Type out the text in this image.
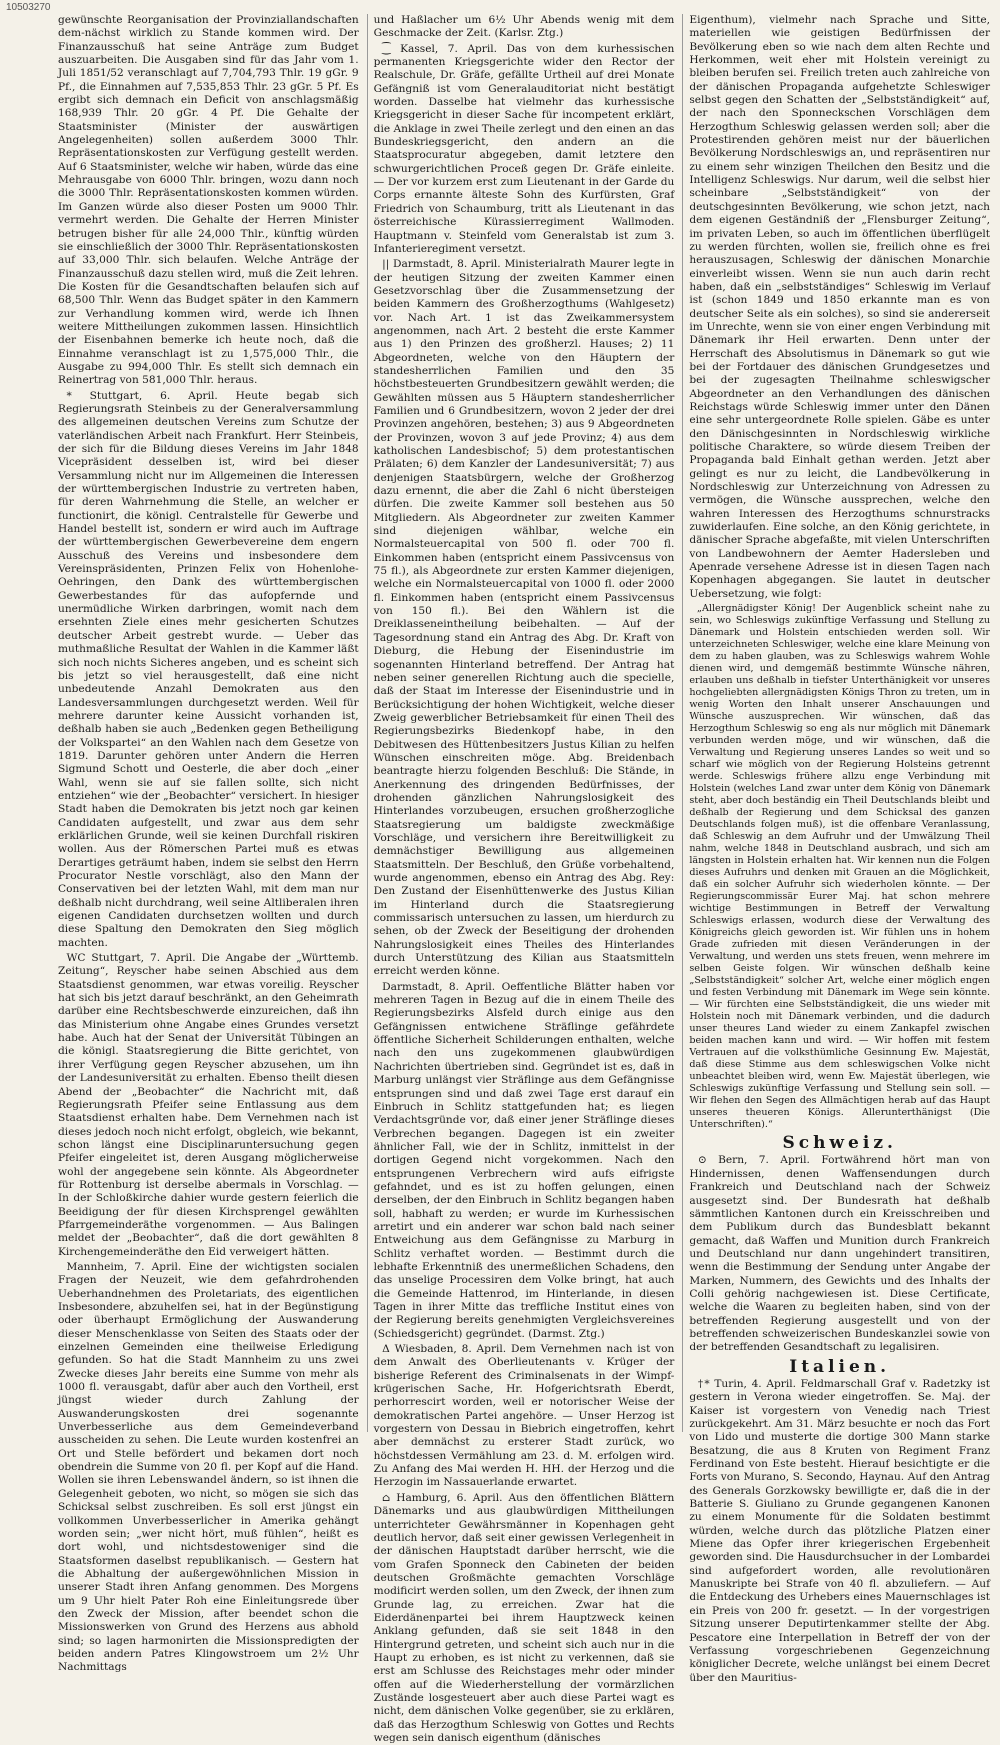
10503270

gewünschte Reorganisation der Provinziallandschaften dem-nächst wirklich zu Stande kommen wird. Der Finanzausschuß hat seine Anträge zum Budget auszuarbeiten. Die Ausgaben sind für das Jahr vom 1. Juli 1851/52 veranschlagt auf 7,704,793 Thlr. 19 gGr. 9 Pf., die Einnahmen auf 7,535,853 Thlr. 23 gGr. 5 Pf. Es ergibt sich demnach ein Deficit von anschlagsmäßig 168,939 Thlr. 20 gGr. 4 Pf. Die Gehalte der Staatsminister (Minister der auswärtigen Angelegenheiten) sollen außerdem 3000 Thlr. Repräsentationskosten zur Verfügung gestellt werden. Auf 6 Staatsminister, welche wir haben, würde das eine Mehrausgabe von 6000 Thlr. bringen, wozu dann noch die 3000 Thlr. Repräsentationskosten kommen würden. Im Ganzen würde also dieser Posten um 9000 Thlr. vermehrt werden. Die Gehalte der Herren Minister betrugen bisher für alle 24,000 Thlr., künftig würden sie einschließlich der 3000 Thlr. Repräsentationskosten auf 33,000 Thlr. sich belaufen. Welche Anträge der Finanzausschuß dazu stellen wird, muß die Zeit lehren. Die Kosten für die Gesandtschaften belaufen sich auf 68,500 Thlr. Wenn das Budget später in den Kammern zur Verhandlung kommen wird, werde ich Ihnen weitere Mittheilungen zukommen lassen. Hinsichtlich der Eisenbahnen bemerke ich heute noch, daß die Einnahme veranschlagt ist zu 1,575,000 Thlr., die Ausgabe zu 994,000 Thlr. Es stellt sich demnach ein Reinertrag von 581,000 Thlr. heraus.

* Stuttgart, 6. April. Heute begab sich Regierungsrath Steinbeis zu der Generalversammlung des allgemeinen deutschen Vereins zum Schutze der vaterländischen Arbeit nach Frankfurt. Herr Steinbeis, der sich für die Bildung dieses Vereins im Jahr 1848 Vicepräsident desselben ist, wird bei dieser Versammlung nicht nur im Allgemeinen die Interessen der württembergischen Industrie zu vertreten haben, für deren Wahrnehmung die Stelle, an welcher er functionirt, die königl. Centralstelle für Gewerbe und Handel bestellt ist, sondern er wird auch im Auftrage der württembergischen Gewerbevereine dem engern Ausschuß des Vereins und insbesondere dem Vereinspräsidenten, Prinzen Felix von Hohenlohe-Oehringen, den Dank des württembergischen Gewerbestandes für das aufopfernde und unermüdliche Wirken darbringen, womit nach dem ersehnten Ziele eines mehr gesicherten Schutzes deutscher Arbeit gestrebt wurde. — Ueber das muthmaßliche Resultat der Wahlen in die Kammer läßt sich noch nichts Sicheres angeben, und es scheint sich bis jetzt so viel herausgestellt, daß eine nicht unbedeutende Anzahl Demokraten aus den Landesversammlungen durchgesetzt werden. Weil für mehrere darunter keine Aussicht vorhanden ist, deßhalb haben sie auch „Bedenken gegen Betheiligung der Volkspartei“ an den Wahlen nach dem Gesetze von 1819. Darunter gehören unter Andern die Herren Sigmund Schott und Oesterle, die aber doch „einer Wahl, wenn sie auf sie fallen sollte, sich nicht entziehen“ wie der „Beobachter“ versichert. In hiesiger Stadt haben die Demokraten bis jetzt noch gar keinen Candidaten aufgestellt, und zwar aus dem sehr erklärlichen Grunde, weil sie keinen Durchfall riskiren wollen. Aus der Römerschen Partei muß es etwas Derartiges geträumt haben, indem sie selbst den Herrn Procurator Nestle vorschlägt, also den Mann der Conservativen bei der letzten Wahl, mit dem man nur deßhalb nicht durchdrang, weil seine Altliberalen ihren eigenen Candidaten durchsetzen wollten und durch diese Spaltung den Demokraten den Sieg möglich machten.

WC Stuttgart, 7. April. Die Angabe der „Württemb. Zeitung“, Reyscher habe seinen Abschied aus dem Staatsdienst genommen, war etwas voreilig. Reyscher hat sich bis jetzt darauf beschränkt, an den Geheimrath darüber eine Rechtsbeschwerde einzureichen, daß ihn das Ministerium ohne Angabe eines Grundes versetzt habe. Auch hat der Senat der Universität Tübingen an die königl. Staatsregierung die Bitte gerichtet, von ihrer Verfügung gegen Reyscher abzusehen, um ihn der Landesuniversität zu erhalten. Ebenso theilt diesen Abend der „Beobachter“ die Nachricht mit, daß Regierungsrath Pfeifer seine Entlassung aus dem Staatsdienst erhalten habe. Dem Vernehmen nach ist dieses jedoch noch nicht erfolgt, obgleich, wie bekannt, schon längst eine Disciplinaruntersuchung gegen Pfeifer eingeleitet ist, deren Ausgang möglicherweise wohl der angegebene sein könnte. Als Abgeordneter für Rottenburg ist derselbe abermals in Vorschlag. — In der Schloßkirche dahier wurde gestern feierlich die Beeidigung der für diesen Kirchsprengel gewählten Pfarrgemeinderäthe vorgenommen. — Aus Balingen meldet der „Beobachter“, daß die dort gewählten 8 Kirchengemeinderäthe den Eid verweigert hätten.

Mannheim, 7. April. Eine der wichtigsten socialen Fragen der Neuzeit, wie dem gefahrdrohenden Ueberhandnehmen des Proletariats, des eigentlichen Insbesondere, abzuhelfen sei, hat in der Begünstigung oder überhaupt Ermöglichung der Auswanderung dieser Menschenklasse von Seiten des Staats oder der einzelnen Gemeinden eine theilweise Erledigung gefunden. So hat die Stadt Mannheim zu uns zwei Zwecke dieses Jahr bereits eine Summe von mehr als 1000 fl. verausgabt, dafür aber auch den Vortheil, erst jüngst wieder durch Zahlung der Auswanderungskosten drei sogenannte Unverbesserliche aus dem Gemeindeverband ausscheiden zu sehen. Die Leute wurden kostenfrei an Ort und Stelle befördert und bekamen dort noch obendrein die Summe von 20 fl. per Kopf auf die Hand. Wollen sie ihren Lebenswandel ändern, so ist ihnen die Gelegenheit geboten, wo nicht, so mögen sie sich das Schicksal selbst zuschreiben. Es soll erst jüngst ein vollkommen Unverbesserlicher in Amerika gehängt worden sein; „wer nicht hört, muß fühlen“, heißt es dort wohl, und nichtsdestoweniger sind die Staatsformen daselbst republikanisch. — Gestern hat die Abhaltung der außergewöhnlichen Mission in unserer Stadt ihren Anfang genommen. Des Morgens um 9 Uhr hielt Pater Roh eine Einleitungsrede über den Zweck der Mission, after beendet schon die Missionswerken von Grund des Herzens aus abhold sind; so lagen harmonirten die Missionspredigten der beiden andern Patres Klingowstroem um 2½ Uhr Nachmittags

und Haßlacher um 6½ Uhr Abends wenig mit dem Geschmacke der Zeit. (Karlsr. Ztg.)

⁐ Kassel, 7. April. Das von dem kurhessischen permanenten Kriegsgerichte wider den Rector der Realschule, Dr. Gräfe, gefällte Urtheil auf drei Monate Gefängniß ist vom Generalauditoriat nicht bestätigt worden. Dasselbe hat vielmehr das kurhessische Kriegsgericht in dieser Sache für incompetent erklärt, die Anklage in zwei Theile zerlegt und den einen an das Bundeskriegsgericht, den andern an die Staatsprocuratur abgegeben, damit letztere den schwurgerichtlichen Proceß gegen Dr. Gräfe einleite. — Der vor kurzem erst zum Lieutenant in der Garde du Corps ernannte älteste Sohn des Kurfürsten, Graf Friedrich von Schaumburg, tritt als Lieutenant in das österreichische Kürassierregiment Wallmoden. Hauptmann v. Steinfeld vom Generalstab ist zum 3. Infanterieregiment versetzt.

|| Darmstadt, 8. April. Ministerialrath Maurer legte in der heutigen Sitzung der zweiten Kammer einen Gesetzvorschlag über die Zusammensetzung der beiden Kammern des Großherzogthums (Wahlgesetz) vor. Nach Art. 1 ist das Zweikammersystem angenommen, nach Art. 2 besteht die erste Kammer aus 1) den Prinzen des großherzl. Hauses; 2) 11 Abgeordneten, welche von den Häuptern der standesherrlichen Familien und den 35 höchstbesteuerten Grundbesitzern gewählt werden; die Gewählten müssen aus 5 Häuptern standesherrlicher Familien und 6 Grundbesitzern, wovon 2 jeder der drei Provinzen angehören, bestehen; 3) aus 9 Abgeordneten der Provinzen, wovon 3 auf jede Provinz; 4) aus dem katholischen Landesbischof; 5) dem protestantischen Prälaten; 6) dem Kanzler der Landesuniversität; 7) aus denjenigen Staatsbürgern, welche der Großherzog dazu ernennt, die aber die Zahl 6 nicht übersteigen dürfen. Die zweite Kammer soll bestehen aus 50 Mitgliedern. Als Abgeordneter zur zweiten Kammer sind diejenigen wählbar, welche ein Normalsteuercapital von 500 fl. oder 700 fl. Einkommen haben (entspricht einem Passivcensus von 75 fl.), als Abgeordnete zur ersten Kammer diejenigen, welche ein Normalsteuercapital von 1000 fl. oder 2000 fl. Einkommen haben (entspricht einem Passivcensus von 150 fl.). Bei den Wählern ist die Dreiklasseneintheilung beibehalten. — Auf der Tagesordnung stand ein Antrag des Abg. Dr. Kraft von Dieburg, die Hebung der Eisenindustrie im sogenannten Hinterland betreffend. Der Antrag hat neben seiner generellen Richtung auch die specielle, daß der Staat im Interesse der Eisenindustrie und in Berücksichtigung der hohen Wichtigkeit, welche dieser Zweig gewerblicher Betriebsamkeit für einen Theil des Regierungsbezirks Biedenkopf habe, in den Debitwesen des Hüttenbesitzers Justus Kilian zu helfen Wünschen einschreiten möge. Abg. Breidenbach beantragte hierzu folgenden Beschluß: Die Stände, in Anerkennung des dringenden Bedürfnisses, der drohenden gänzlichen Nahrungslosigkeit des Hinterlandes vorzubeugen, ersuchen großherzogliche Staatsregierung um baldigste zweckmäßige Vorschläge, und versichern ihre Bereitwilligkeit zu demnächstiger Bewilligung aus allgemeinen Staatsmitteln. Der Beschluß, den Grüße vorbehaltend, wurde angenommen, ebenso ein Antrag des Abg. Rey: Den Zustand der Eisenhüttenwerke des Justus Kilian im Hinterland durch die Staatsregierung commissarisch untersuchen zu lassen, um hierdurch zu sehen, ob der Zweck der Beseitigung der drohenden Nahrungslosigkeit eines Theiles des Hinterlandes durch Unterstützung des Kilian aus Staatsmitteln erreicht werden könne.

Darmstadt, 8. April. Oeffentliche Blätter haben vor mehreren Tagen in Bezug auf die in einem Theile des Regierungsbezirks Alsfeld durch einige aus den Gefängnissen entwichene Sträflinge gefährdete öffentliche Sicherheit Schilderungen enthalten, welche nach den uns zugekommenen glaubwürdigen Nachrichten übertrieben sind. Gegründet ist es, daß in Marburg unlängst vier Sträflinge aus dem Gefängnisse entsprungen sind und daß zwei Tage erst darauf ein Einbruch in Schlitz stattgefunden hat; es liegen Verdachtsgründe vor, daß einer jener Sträflinge dieses Verbrechen begangen. Dagegen ist ein zweiter ähnlicher Fall, wie der in Schlitz, inmittelst in der dortigen Gegend nicht vorgekommen. Nach den entsprungenen Verbrechern wird aufs eifrigste gefahndet, und es ist zu hoffen gelungen, einen derselben, der den Einbruch in Schlitz begangen haben soll, habhaft zu werden; er wurde im Kurhessischen arretirt und ein anderer war schon bald nach seiner Entweichung aus dem Gefängnisse zu Marburg in Schlitz verhaftet worden. — Bestimmt durch die lebhafte Erkenntniß des unermeßlichen Schadens, den das unselige Processiren dem Volke bringt, hat auch die Gemeinde Hattenrod, im Hinterlande, in diesen Tagen in ihrer Mitte das treffliche Institut eines von der Regierung bereits genehmigten Vergleichsvereines (Schiedsgericht) gegründet. (Darmst. Ztg.)

Δ Wiesbaden, 8. April. Dem Vernehmen nach ist von dem Anwalt des Oberlieutenants v. Krüger der bisherige Referent des Criminalsenats in der Wimpf-krügerischen Sache, Hr. Hofgerichtsrath Eberdt, perhorrescirt worden, weil er notorischer Weise der demokratischen Partei angehöre. — Unser Herzog ist vorgestern von Dessau in Biebrich eingetroffen, kehrt aber demnächst zu ersterer Stadt zurück, wo höchstdessen Vermählung am 23. d. M. erfolgen wird. Zu Anfang des Mai werden H. HH. der Herzog und die Herzogin im Nassauerlande erwartet.

⌂ Hamburg, 6. April. Aus den öffentlichen Blättern Dänemarks und aus glaubwürdigen Mittheilungen unterrichteter Gewährsmänner in Kopenhagen geht deutlich hervor, daß seit einer gewissen Verlegenheit in der dänischen Hauptstadt darüber herrscht, wie die vom Grafen Sponneck den Cabineten der beiden deutschen Großmächte gemachten Vorschläge modificirt werden sollen, um den Zweck, der ihnen zum Grunde lag, zu erreichen. Zwar hat die Eiderdänenpartei bei ihrem Hauptzweck keinen Anklang gefunden, daß sie seit 1848 in den Hintergrund getreten, und scheint sich auch nur in die Haupt zu erhoben, es ist nicht zu verkennen, daß sie erst am Schlusse des Reichstages mehr oder minder offen auf die Wiederherstellung der vormärzlichen Zustände losgesteuert aber auch diese Partei wagt es nicht, dem dänischen Volke gegenüber, sie zu erklären, daß das Herzogthum Schleswig von Gottes und Rechts wegen sein danisch eigenthum (dänisches

Eigenthum), vielmehr nach Sprache und Sitte, materiellen wie geistigen Bedürfnissen der Bevölkerung eben so wie nach dem alten Rechte und Herkommen, weit eher mit Holstein vereinigt zu bleiben berufen sei. Freilich treten auch zahlreiche von der dänischen Propaganda aufgehetzte Schleswiger selbst gegen den Schatten der „Selbstständigkeit“ auf, der nach den Sponneckschen Vorschlägen dem Herzogthum Schleswig gelassen werden soll; aber die Protestirenden gehören meist nur der bäuerlichen Bevölkerung Nordschleswigs an, und repräsentiren nur zu einem sehr winzigen Theilchen den Besitz und die Intelligenz Schleswigs. Nur darum, weil die selbst hier scheinbare „Selbstständigkeit“ von der deutschgesinnten Bevölkerung, wie schon jetzt, nach dem eigenen Geständniß der „Flensburger Zeitung“, im privaten Leben, so auch im öffentlichen überflügelt zu werden fürchten, wollen sie, freilich ohne es frei herauszusagen, Schleswig der dänischen Monarchie einverleibt wissen. Wenn sie nun auch darin recht haben, daß ein „selbstständiges“ Schleswig im Verlauf ist (schon 1849 und 1850 erkannte man es von deutscher Seite als ein solches), so sind sie andererseit im Unrechte, wenn sie von einer engen Verbindung mit Dänemark ihr Heil erwarten. Denn unter der Herrschaft des Absolutismus in Dänemark so gut wie bei der Fortdauer des dänischen Grundgesetzes und bei der zugesagten Theilnahme schleswigscher Abgeordneter an den Verhandlungen des dänischen Reichstags würde Schleswig immer unter den Dänen eine sehr untergeordnete Rolle spielen. Gäbe es unter den Dänischgesinnten in Nordschleswig wirkliche politische Charaktere, so würde diesem Treiben der Propaganda bald Einhalt gethan werden. Jetzt aber gelingt es nur zu leicht, die Landbevölkerung in Nordschleswig zur Unterzeichnung von Adressen zu vermögen, die Wünsche aussprechen, welche den wahren Interessen des Herzogthums schnurstracks zuwiderlaufen. Eine solche, an den König gerichtete, in dänischer Sprache abgefaßte, mit vielen Unterschriften von Landbewohnern der Aemter Hadersleben und Apenrade versehene Adresse ist in diesen Tagen nach Kopenhagen abgegangen. Sie lautet in deutscher Uebersetzung, wie folgt:

„Allergnädigster König! Der Augenblick scheint nahe zu sein, wo Schleswigs zukünftige Verfassung und Stellung zu Dänemark und Holstein entschieden werden soll. Wir unterzeichneten Schleswiger, welche eine klare Meinung von dem zu haben glauben, was zu Schleswigs wahrem Wohle dienen wird, und demgemäß bestimmte Wünsche nähren, erlauben uns deßhalb in tiefster Unterthänigkeit vor unseres hochgeliebten allergnädigsten Königs Thron zu treten, um in wenig Worten den Inhalt unserer Anschauungen und Wünsche auszusprechen. Wir wünschen, daß das Herzogthum Schleswig so eng als nur möglich mit Dänemark verbunden werden möge, und wir wünschen, daß die Verwaltung und Regierung unseres Landes so weit und so scharf wie möglich von der Regierung Holsteins getrennt werde. Schleswigs frühere allzu enge Verbindung mit Holstein (welches Land zwar unter dem König von Dänemark steht, aber doch beständig ein Theil Deutschlands bleibt und deßhalb der Regierung und dem Schicksal des ganzen Deutschlands folgen muß), ist die offenbare Veranlassung, daß Schleswig an dem Aufruhr und der Umwälzung Theil nahm, welche 1848 in Deutschland ausbrach, und sich am längsten in Holstein erhalten hat. Wir kennen nun die Folgen dieses Aufruhrs und denken mit Grauen an die Möglichkeit, daß ein solcher Aufruhr sich wiederholen könnte. — Der Regierungscommissär Eurer Maj. hat schon mehrere wichtige Bestimmungen in Betreff der Verwaltung Schleswigs erlassen, wodurch diese der Verwaltung des Königreichs gleich geworden ist. Wir fühlen uns in hohem Grade zufrieden mit diesen Veränderungen in der Verwaltung, und werden uns stets freuen, wenn mehrere im selben Geiste folgen. Wir wünschen deßhalb keine „Selbstständigkeit“ solcher Art, welche einer möglich engen und festen Verbindung mit Dänemark im Wege sein könnte. — Wir fürchten eine Selbstständigkeit, die uns wieder mit Holstein noch mit Dänemark verbinden, und die dadurch unser theures Land wieder zu einem Zankapfel zwischen beiden machen kann und wird. — Wir hoffen mit festem Vertrauen auf die volksthümliche Gesinnung Ew. Majestät, daß diese Stimme aus dem schleswigschen Volke nicht unbeachtet bleiben wird, wenn Ew. Majestät überlegen, wie Schleswigs zukünftige Verfassung und Stellung sein soll. — Wir flehen den Segen des Allmächtigen herab auf das Haupt unseres theueren Königs. Allerunterthänigst (Die Unterschriften).“

Schweiz.

⊙ Bern, 7. April. Fortwährend hört man von Hindernissen, denen Waffensendungen durch Frankreich und Deutschland nach der Schweiz ausgesetzt sind. Der Bundesrath hat deßhalb sämmtlichen Kantonen durch ein Kreisschreiben und dem Publikum durch das Bundesblatt bekannt gemacht, daß Waffen und Munition durch Frankreich und Deutschland nur dann ungehindert transitiren, wenn die Bestimmung der Sendung unter Angabe der Marken, Nummern, des Gewichts und des Inhalts der Colli gehörig nachgewiesen ist. Diese Certificate, welche die Waaren zu begleiten haben, sind von der betreffenden Regierung ausgestellt und von der betreffenden schweizerischen Bundeskanzlei sowie von der betreffenden Gesandtschaft zu legalisiren.

Italien.

†* Turin, 4. April. Feldmarschall Graf v. Radetzky ist gestern in Verona wieder eingetroffen. Se. Maj. der Kaiser ist vorgestern von Venedig nach Triest zurückgekehrt. Am 31. März besuchte er noch das Fort von Lido und musterte die dortige 300 Mann starke Besatzung, die aus 8 Kruten von Regiment Franz Ferdinand von Este besteht. Hierauf besichtigte er die Forts von Murano, S. Secondo, Haynau. Auf den Antrag des Generals Gorzkowsky bewilligte er, daß die in der Batterie S. Giuliano zu Grunde gegangenen Kanonen zu einem Monumente für die Soldaten bestimmt würden, welche durch das plötzliche Platzen einer Miene das Opfer ihrer kriegerischen Ergebenheit geworden sind. Die Hausdurchsucher in der Lombardei sind aufgefordert worden, alle revolutionären Manuskripte bei Strafe von 40 fl. abzuliefern. — Auf die Entdeckung des Urhebers eines Mauernschlages ist ein Preis von 200 fr. gesetzt. — In der vorgestrigen Sitzung unserer Deputirtenkammer stellte der Abg. Pescatore eine Interpellation in Betreff der von der Verfassung vorgeschriebenen Gegenzeichnung königlicher Decrete, welche unlängst bei einem Decret über den Mauritius-
